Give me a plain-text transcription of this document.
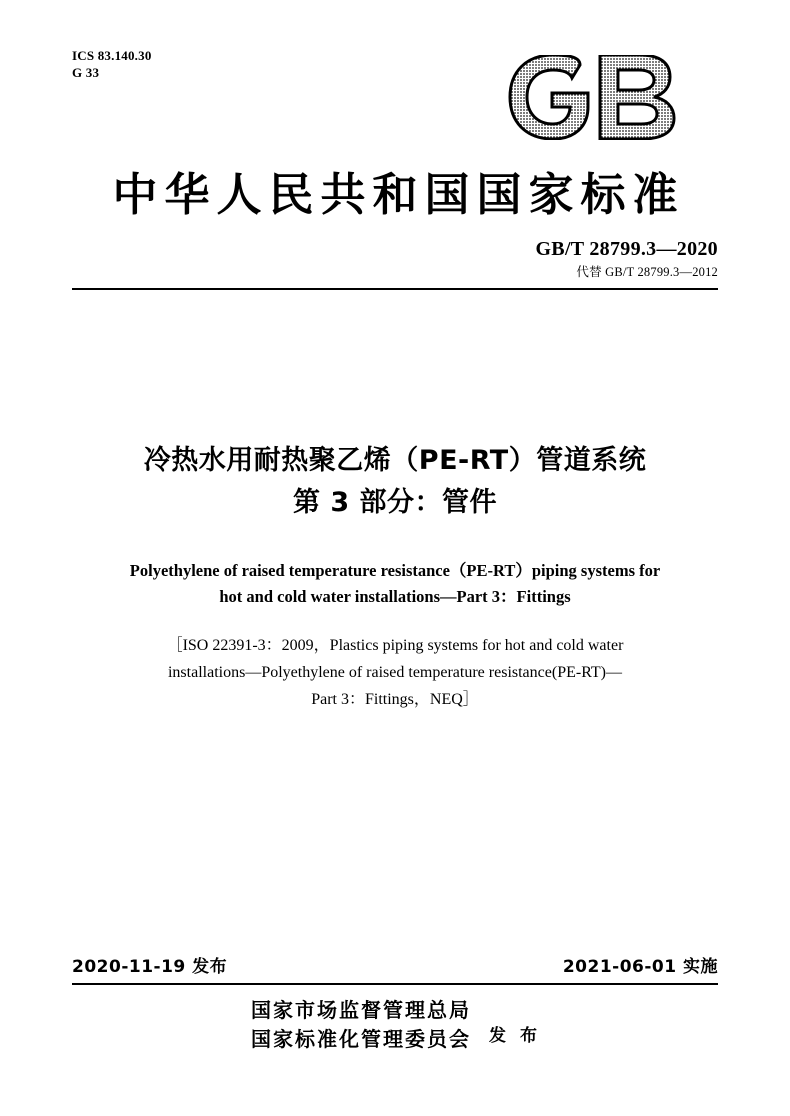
ICS 83.140.30
G 33
中华人民共和国国家标准
GB/T 28799.3—2020
代替 GB/T 28799.3—2012
冷热水用耐热聚乙烯（PE-RT）管道系统
第 3 部分：管件
Polyethylene of raised temperature resistance（PE-RT）piping systems for
hot and cold water installations—Part 3：Fittings
［ISO 22391-3：2009，Plastics piping systems for hot and cold water
installations—Polyethylene of raised temperature resistance(PE-RT)—
Part 3：Fittings，NEQ］
2020-11-19 发布	2021-06-01 实施
国家市场监督管理总局
国家标准化管理委员会 发 布
